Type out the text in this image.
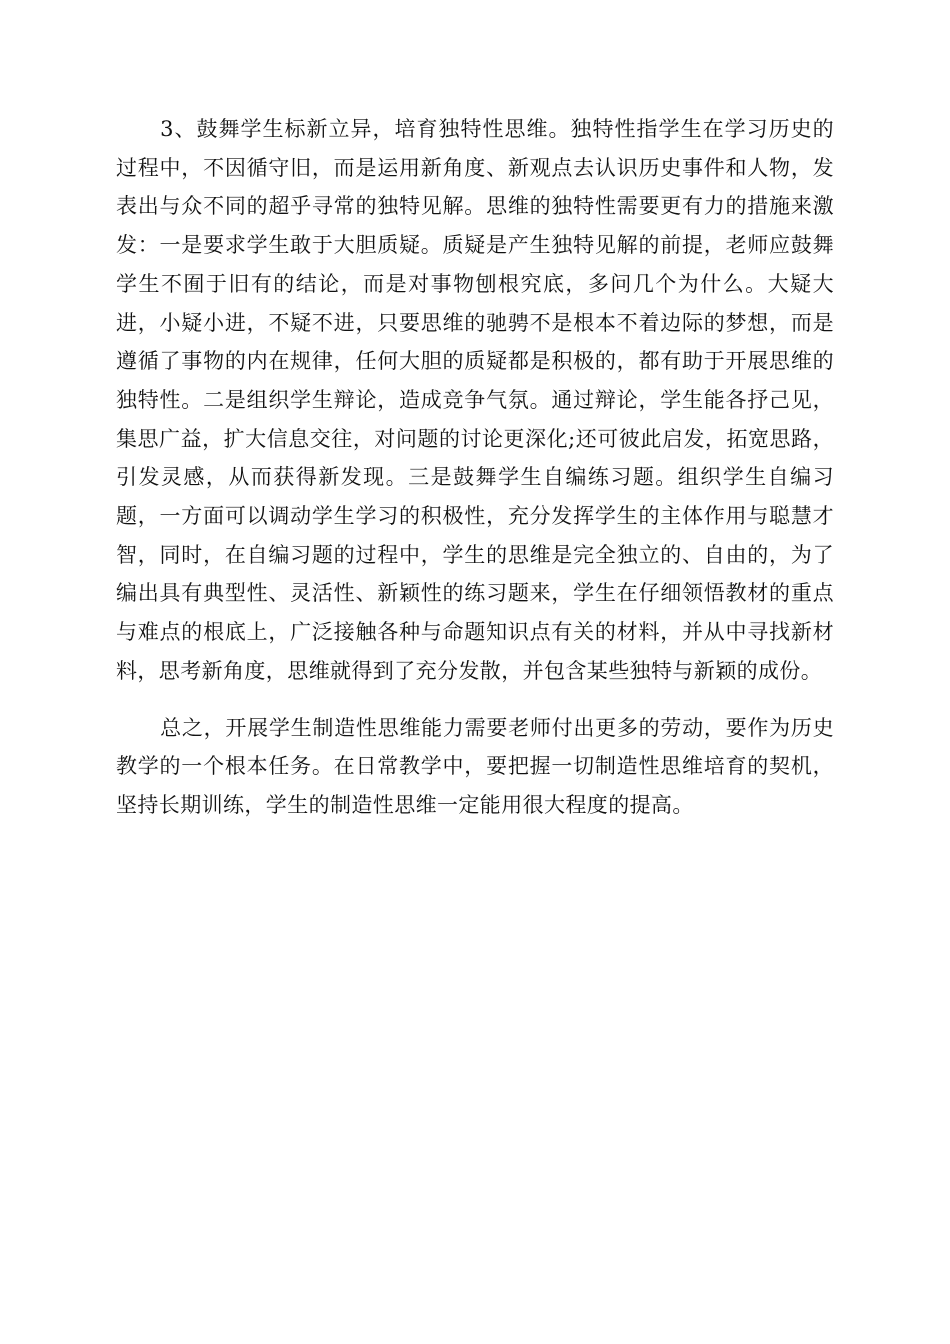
3、鼓舞学生标新立异，培育独特性思维。独特性指学生在学习历史的过程中，不因循守旧，而是运用新角度、新观点去认识历史事件和人物，发表出与众不同的超乎寻常的独特见解。思维的独特性需要更有力的措施来激发：一是要求学生敢于大胆质疑。质疑是产生独特见解的前提，老师应鼓舞学生不囿于旧有的结论，而是对事物刨根究底，多问几个为什么。大疑大进，小疑小进，不疑不进，只要思维的驰骋不是根本不着边际的梦想，而是遵循了事物的内在规律，任何大胆的质疑都是积极的，都有助于开展思维的独特性。二是组织学生辩论，造成竞争气氛。通过辩论，学生能各抒己见，集思广益，扩大信息交往，对问题的讨论更深化;还可彼此启发，拓宽思路，引发灵感，从而获得新发现。三是鼓舞学生自编练习题。组织学生自编习题，一方面可以调动学生学习的积极性，充分发挥学生的主体作用与聪慧才智，同时，在自编习题的过程中，学生的思维是完全独立的、自由的，为了编出具有典型性、灵活性、新颖性的练习题来，学生在仔细领悟教材的重点与难点的根底上，广泛接触各种与命题知识点有关的材料，并从中寻找新材料，思考新角度，思维就得到了充分发散，并包含某些独特与新颖的成份。

总之，开展学生制造性思维能力需要老师付出更多的劳动，要作为历史教学的一个根本任务。在日常教学中，要把握一切制造性思维培育的契机，坚持长期训练，学生的制造性思维一定能用很大程度的提高。
